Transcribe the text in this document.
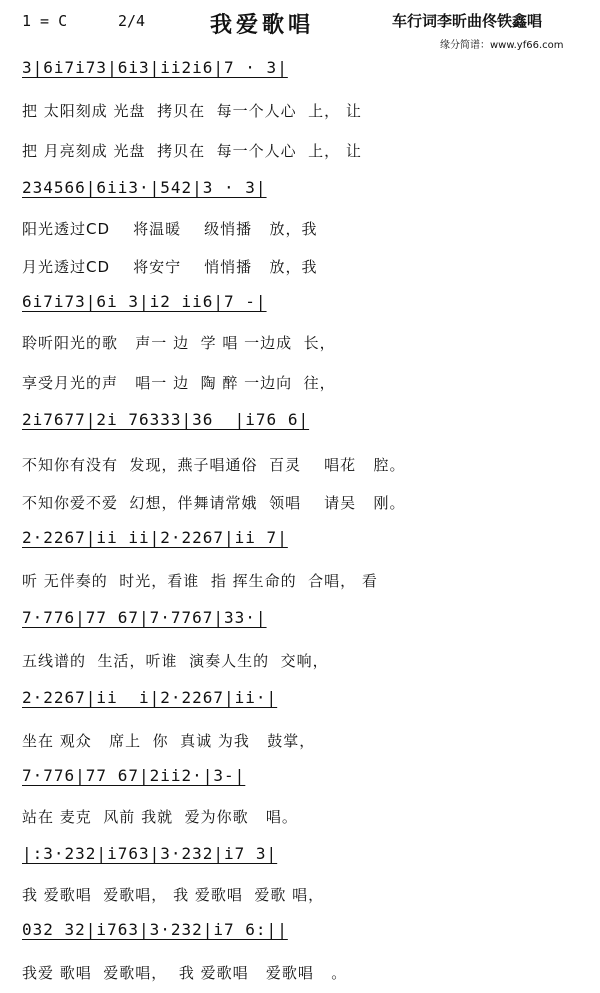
1 = C	2/4	我爱歌唱	车行词李昕曲佟铁鑫唱
缘分简谱：www.yf66.com
3|6i7i73|6i3|ii2i6|7 · 3|
把 太阳刻成 光盘  拷贝在  每一个人心  上， 让
把 月亮刻成 光盘  拷贝在  每一个人心  上， 让
234566|6ii3·|542|3 · 3|
阳光透过CD    将温暖    级悄播   放，我
月光透过CD    将安宁    悄悄播   放，我
6i7i73|6i 3|i2 ii6|7 -|
聆听阳光的歌   声一 边  学 唱 一边成  长，
享受月光的声   唱一 边  陶 醉 一边向  往，
2i7677|2i 76333|36  |i76 6|
不知你有没有  发现，燕子唱通俗  百灵    唱花   腔。
不知你爱不爱  幻想，伴舞请常娥  领唱    请吴   刚。
2·2267|ii ii|2·2267|ii 7|
听 无伴奏的  时光，看谁  指 挥生命的  合唱， 看
7·776|77 67|7·7767|33·|
五线谱的  生活，听谁  演奏人生的  交响，
2·2267|ii  i|2·2267|ii·|
坐在 观众   席上  你  真诚 为我   鼓掌，
7·776|77 67|2ii2·|3-|
站在 麦克  风前 我就  爱为你歌   唱。
|:3·232|i763|3·232|i7 3|
我 爱歌唱  爱歌唱， 我 爱歌唱  爱歌 唱，
032 32|i763|3·232|i7 6:||
我爱 歌唱  爱歌唱，  我 爱歌唱   爱歌唱   。
